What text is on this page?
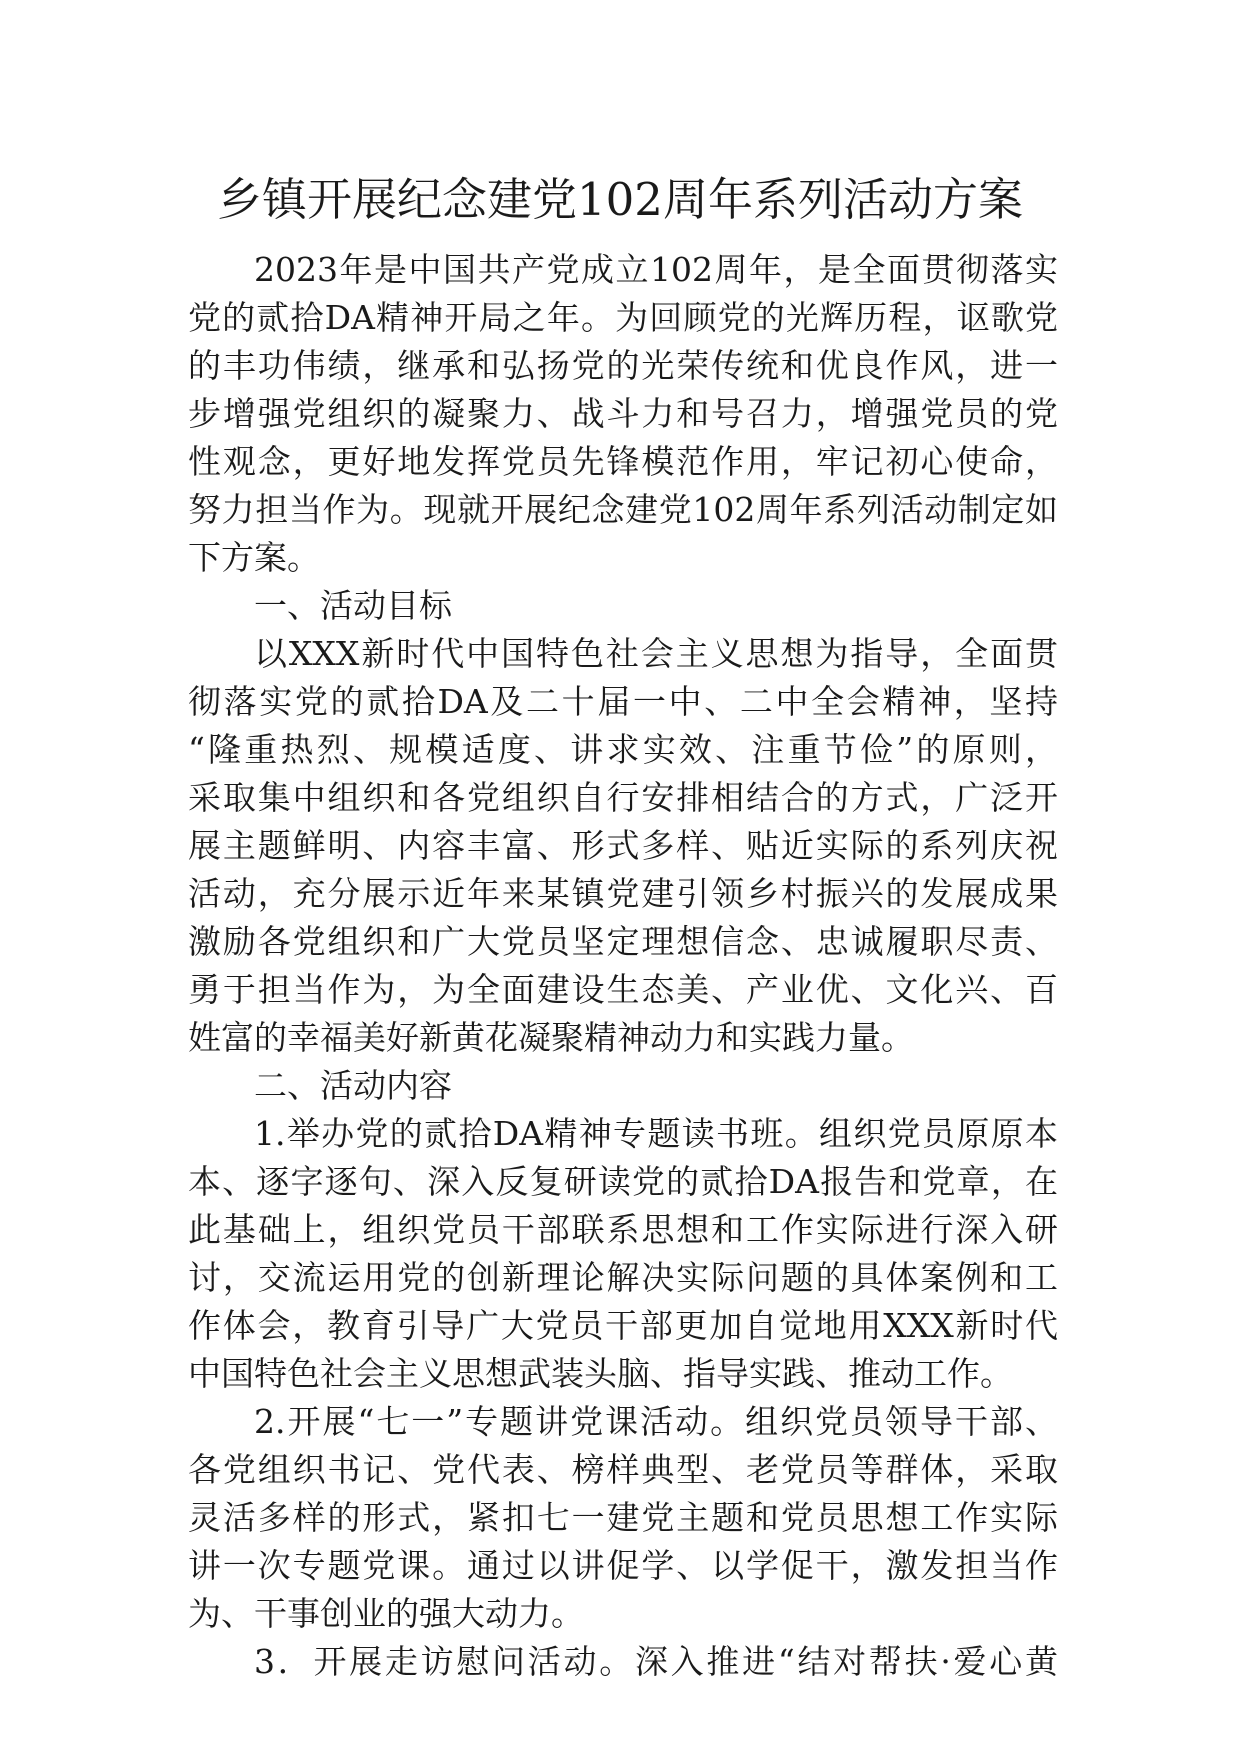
乡镇开展纪念建党102周年系列活动方案
2023年是中国共产党成立102周年，是全面贯彻落实
党的贰拾DA精神开局之年。为回顾党的光辉历程，讴歌党
的丰功伟绩，继承和弘扬党的光荣传统和优良作风，进一
步增强党组织的凝聚力、战斗力和号召力，增强党员的党
性观念，更好地发挥党员先锋模范作用，牢记初心使命，
努力担当作为。现就开展纪念建党102周年系列活动制定如
下方案。
一、活动目标
以XXX新时代中国特色社会主义思想为指导，全面贯
彻落实党的贰拾DA及二十届一中、二中全会精神，坚持
“隆重热烈、规模适度、讲求实效、注重节俭”的原则，
采取集中组织和各党组织自行安排相结合的方式，广泛开
展主题鲜明、内容丰富、形式多样、贴近实际的系列庆祝
活动，充分展示近年来某镇党建引领乡村振兴的发展成果
激励各党组织和广大党员坚定理想信念、忠诚履职尽责、
勇于担当作为，为全面建设生态美、产业优、文化兴、百
姓富的幸福美好新黄花凝聚精神动力和实践力量。
二、活动内容
1.举办党的贰拾DA精神专题读书班。组织党员原原本
本、逐字逐句、深入反复研读党的贰拾DA报告和党章，在
此基础上，组织党员干部联系思想和工作实际进行深入研
讨，交流运用党的创新理论解决实际问题的具体案例和工
作体会，教育引导广大党员干部更加自觉地用XXX新时代
中国特色社会主义思想武装头脑、指导实践、推动工作。
2.开展“七一”专题讲党课活动。组织党员领导干部、
各党组织书记、党代表、榜样典型、老党员等群体，采取
灵活多样的形式，紧扣七一建党主题和党员思想工作实际
讲一次专题党课。通过以讲促学、以学促干，激发担当作
为、干事创业的强大动力。
3．开展走访慰问活动。深入推进“结对帮扶·爱心黄
